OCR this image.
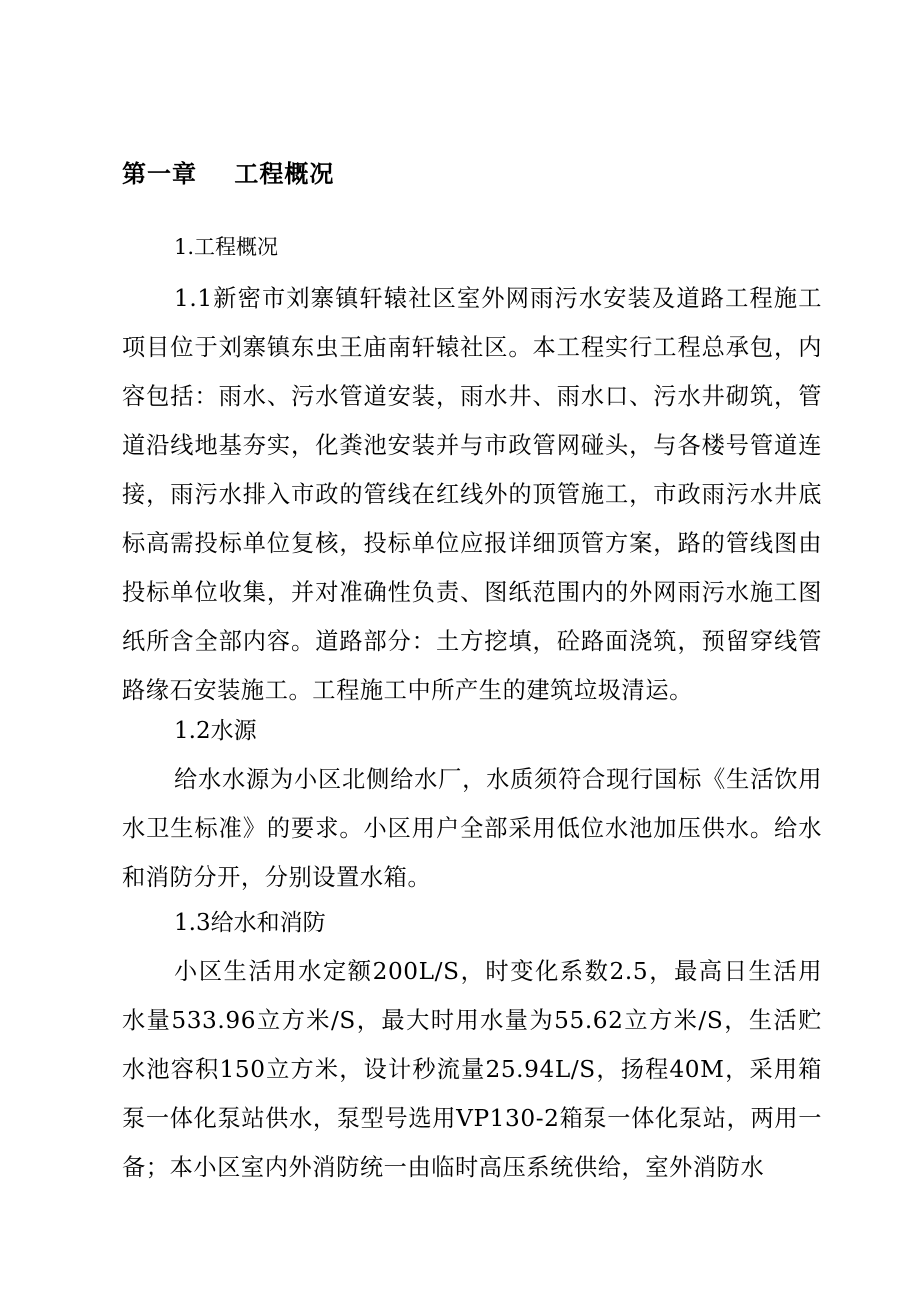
第一章    工程概况
1.工程概况

1.1新密市刘寨镇轩辕社区室外网雨污水安装及道路工程施工项目位于刘寨镇东虫王庙南轩辕社区。本工程实行工程总承包，内容包括：雨水、污水管道安装，雨水井、雨水口、污水井砌筑，管道沿线地基夯实，化粪池安装并与市政管网碰头，与各楼号管道连接，雨污水排入市政的管线在红线外的顶管施工，市政雨污水井底标高需投标单位复核，投标单位应报详细顶管方案，路的管线图由投标单位收集，并对准确性负责、图纸范围内的外网雨污水施工图纸所含全部内容。道路部分：土方挖填，砼路面浇筑，预留穿线管路缘石安装施工。工程施工中所产生的建筑垃圾清运。

1.2水源

给水水源为小区北侧给水厂，水质须符合现行国标《生活饮用水卫生标准》的要求。小区用户全部采用低位水池加压供水。给水和消防分开，分别设置水箱。

1.3给水和消防

小区生活用水定额200L/S，时变化系数2.5，最高日生活用水量533.96立方米/S，最大时用水量为55.62立方米/S，生活贮水池容积150立方米，设计秒流量25.94L/S，扬程40M，采用箱泵一体化泵站供水，泵型号选用VP130-2箱泵一体化泵站，两用一备；本小区室内外消防统一由临时高压系统供给，室外消防水
